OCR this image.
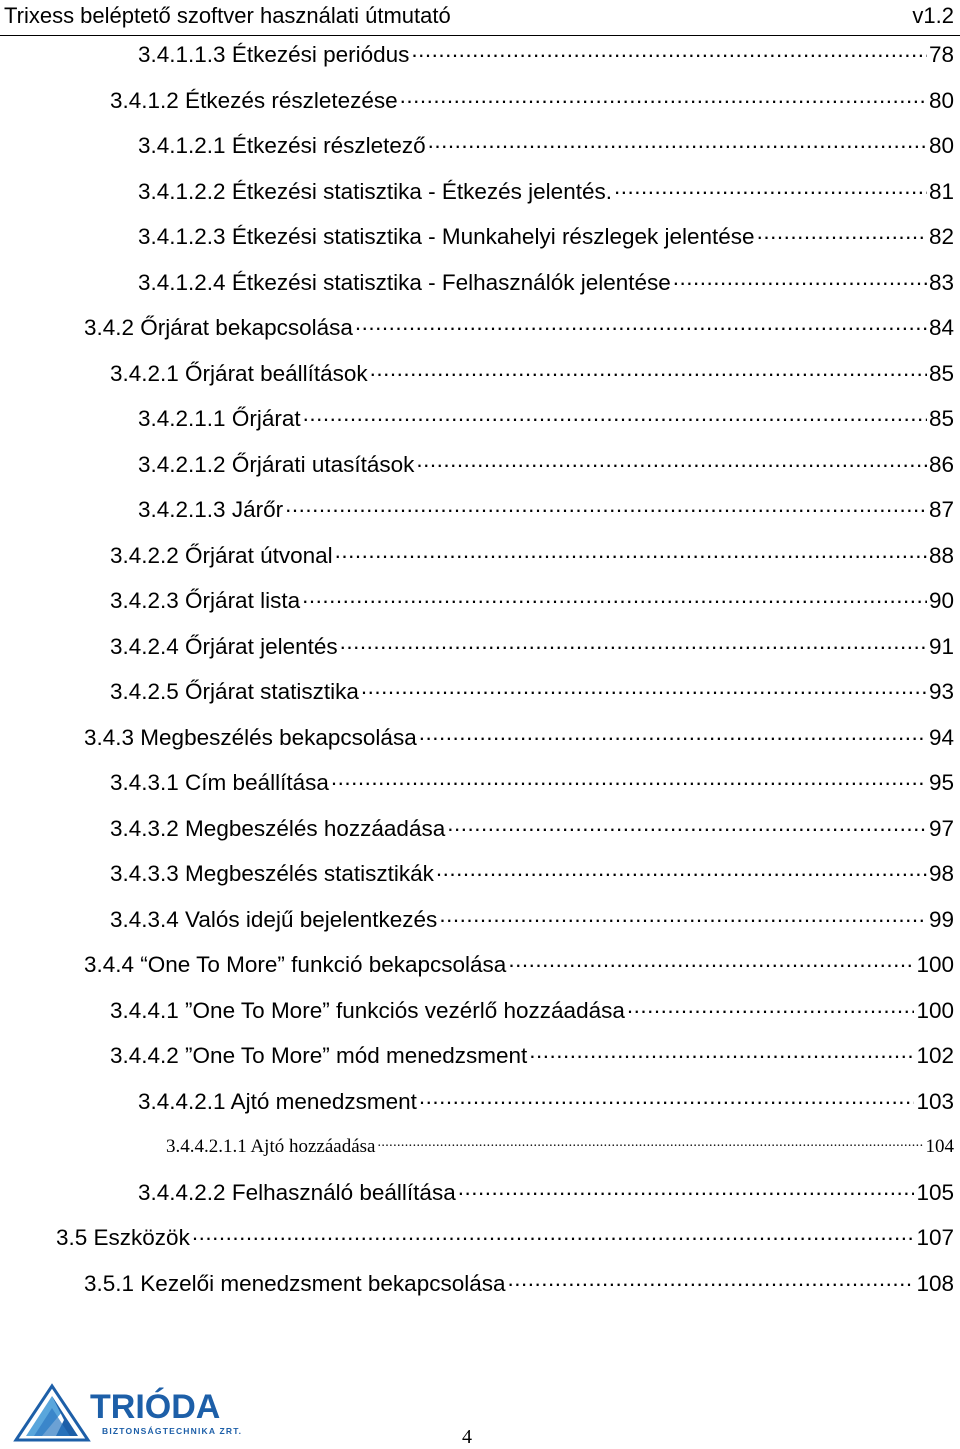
Trixess beléptető szoftver használati útmutató	v1.2
3.4.1.1.3 Étkezési periódus .....	78
3.4.1.2 Étkezés részletezése .....	80
3.4.1.2.1 Étkezési részletező .....	80
3.4.1.2.2 Étkezési statisztika - Étkezés jelentés. .....	81
3.4.1.2.3 Étkezési statisztika - Munkahelyi részlegek jelentése .....	82
3.4.1.2.4 Étkezési statisztika - Felhasználók jelentése .....	83
3.4.2 Őrjárat bekapcsolása .....	84
3.4.2.1 Őrjárat beállítások .....	85
3.4.2.1.1 Őrjárat .....	85
3.4.2.1.2 Őrjárati utasítások .....	86
3.4.2.1.3 Járőr .....	87
3.4.2.2 Őrjárat útvonal .....	88
3.4.2.3 Őrjárat lista .....	90
3.4.2.4 Őrjárat jelentés .....	91
3.4.2.5 Őrjárat statisztika .....	93
3.4.3 Megbeszélés bekapcsolása .....	94
3.4.3.1 Cím beállítása .....	95
3.4.3.2 Megbeszélés hozzáadása .....	97
3.4.3.3 Megbeszélés statisztikák .....	98
3.4.3.4 Valós idejű bejelentkezés .....	99
3.4.4 “One To More” funkció bekapcsolása .....	100
3.4.4.1 ”One To More” funkciós vezérlő hozzáadása .....	100
3.4.4.2 ”One To More” mód menedzsment .....	102
3.4.4.2.1 Ajtó menedzsment .....	103
3.4.4.2.1.1 Ajtó hozzáadása .....	104
3.4.4.2.2 Felhasználó beállítása .....	105
3.5 Eszközök .....	107
3.5.1 Kezelői menedzsment bekapcsolása .....	108
TRIÓDA
BIZTONSÁGTECHNIKA ZRT.	4
